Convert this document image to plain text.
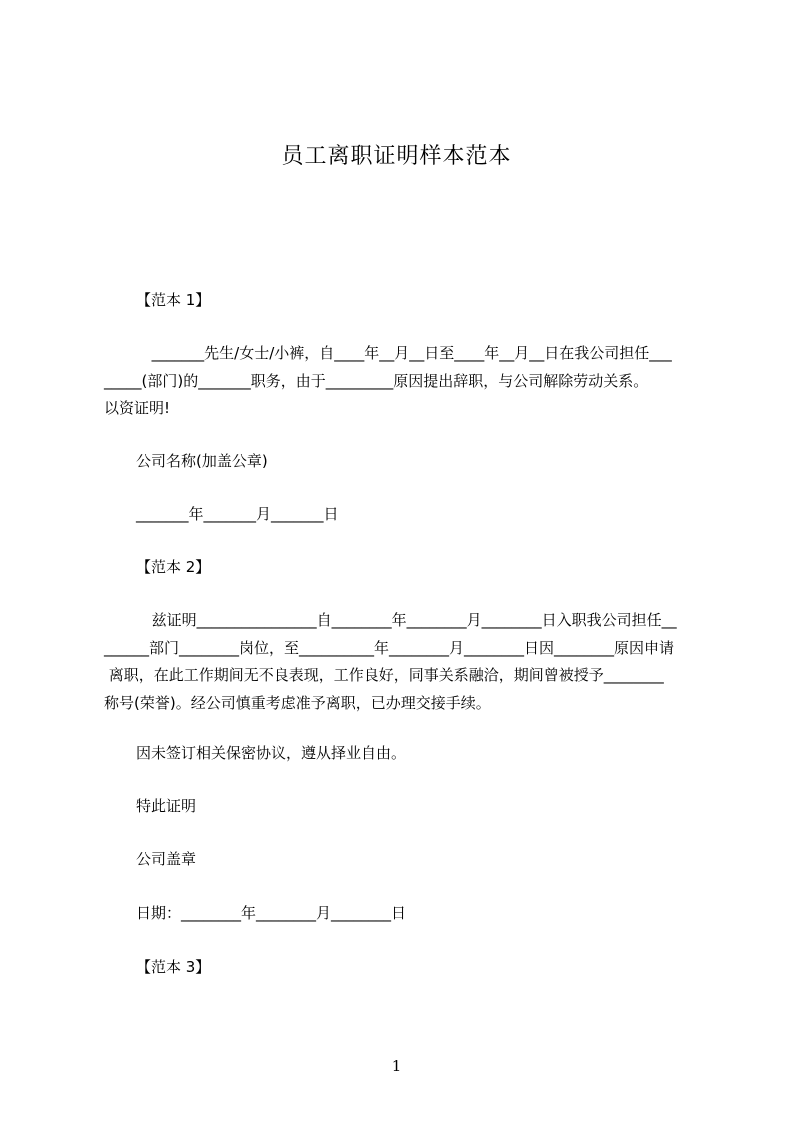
员工离职证明样本范本

【范本 1】

_______先生/女士/小裤，自____年__月__日至____年__月__日在我公司担任___
_____(部门)的_______职务，由于_________原因提出辞职，与公司解除劳动关系。
以资证明!

公司名称(加盖公章)

_______年_______月_______日

【范本 2】

兹证明________________自________年________月________日入职我公司担任__
______部门________岗位，至__________年________月________日因________原因申请
离职，在此工作期间无不良表现，工作良好，同事关系融洽，期间曾被授予________
称号(荣誉)。经公司慎重考虑准予离职，已办理交接手续。

因未签订相关保密协议，遵从择业自由。

特此证明

公司盖章

日期：________年________月________日

【范本 3】

1
